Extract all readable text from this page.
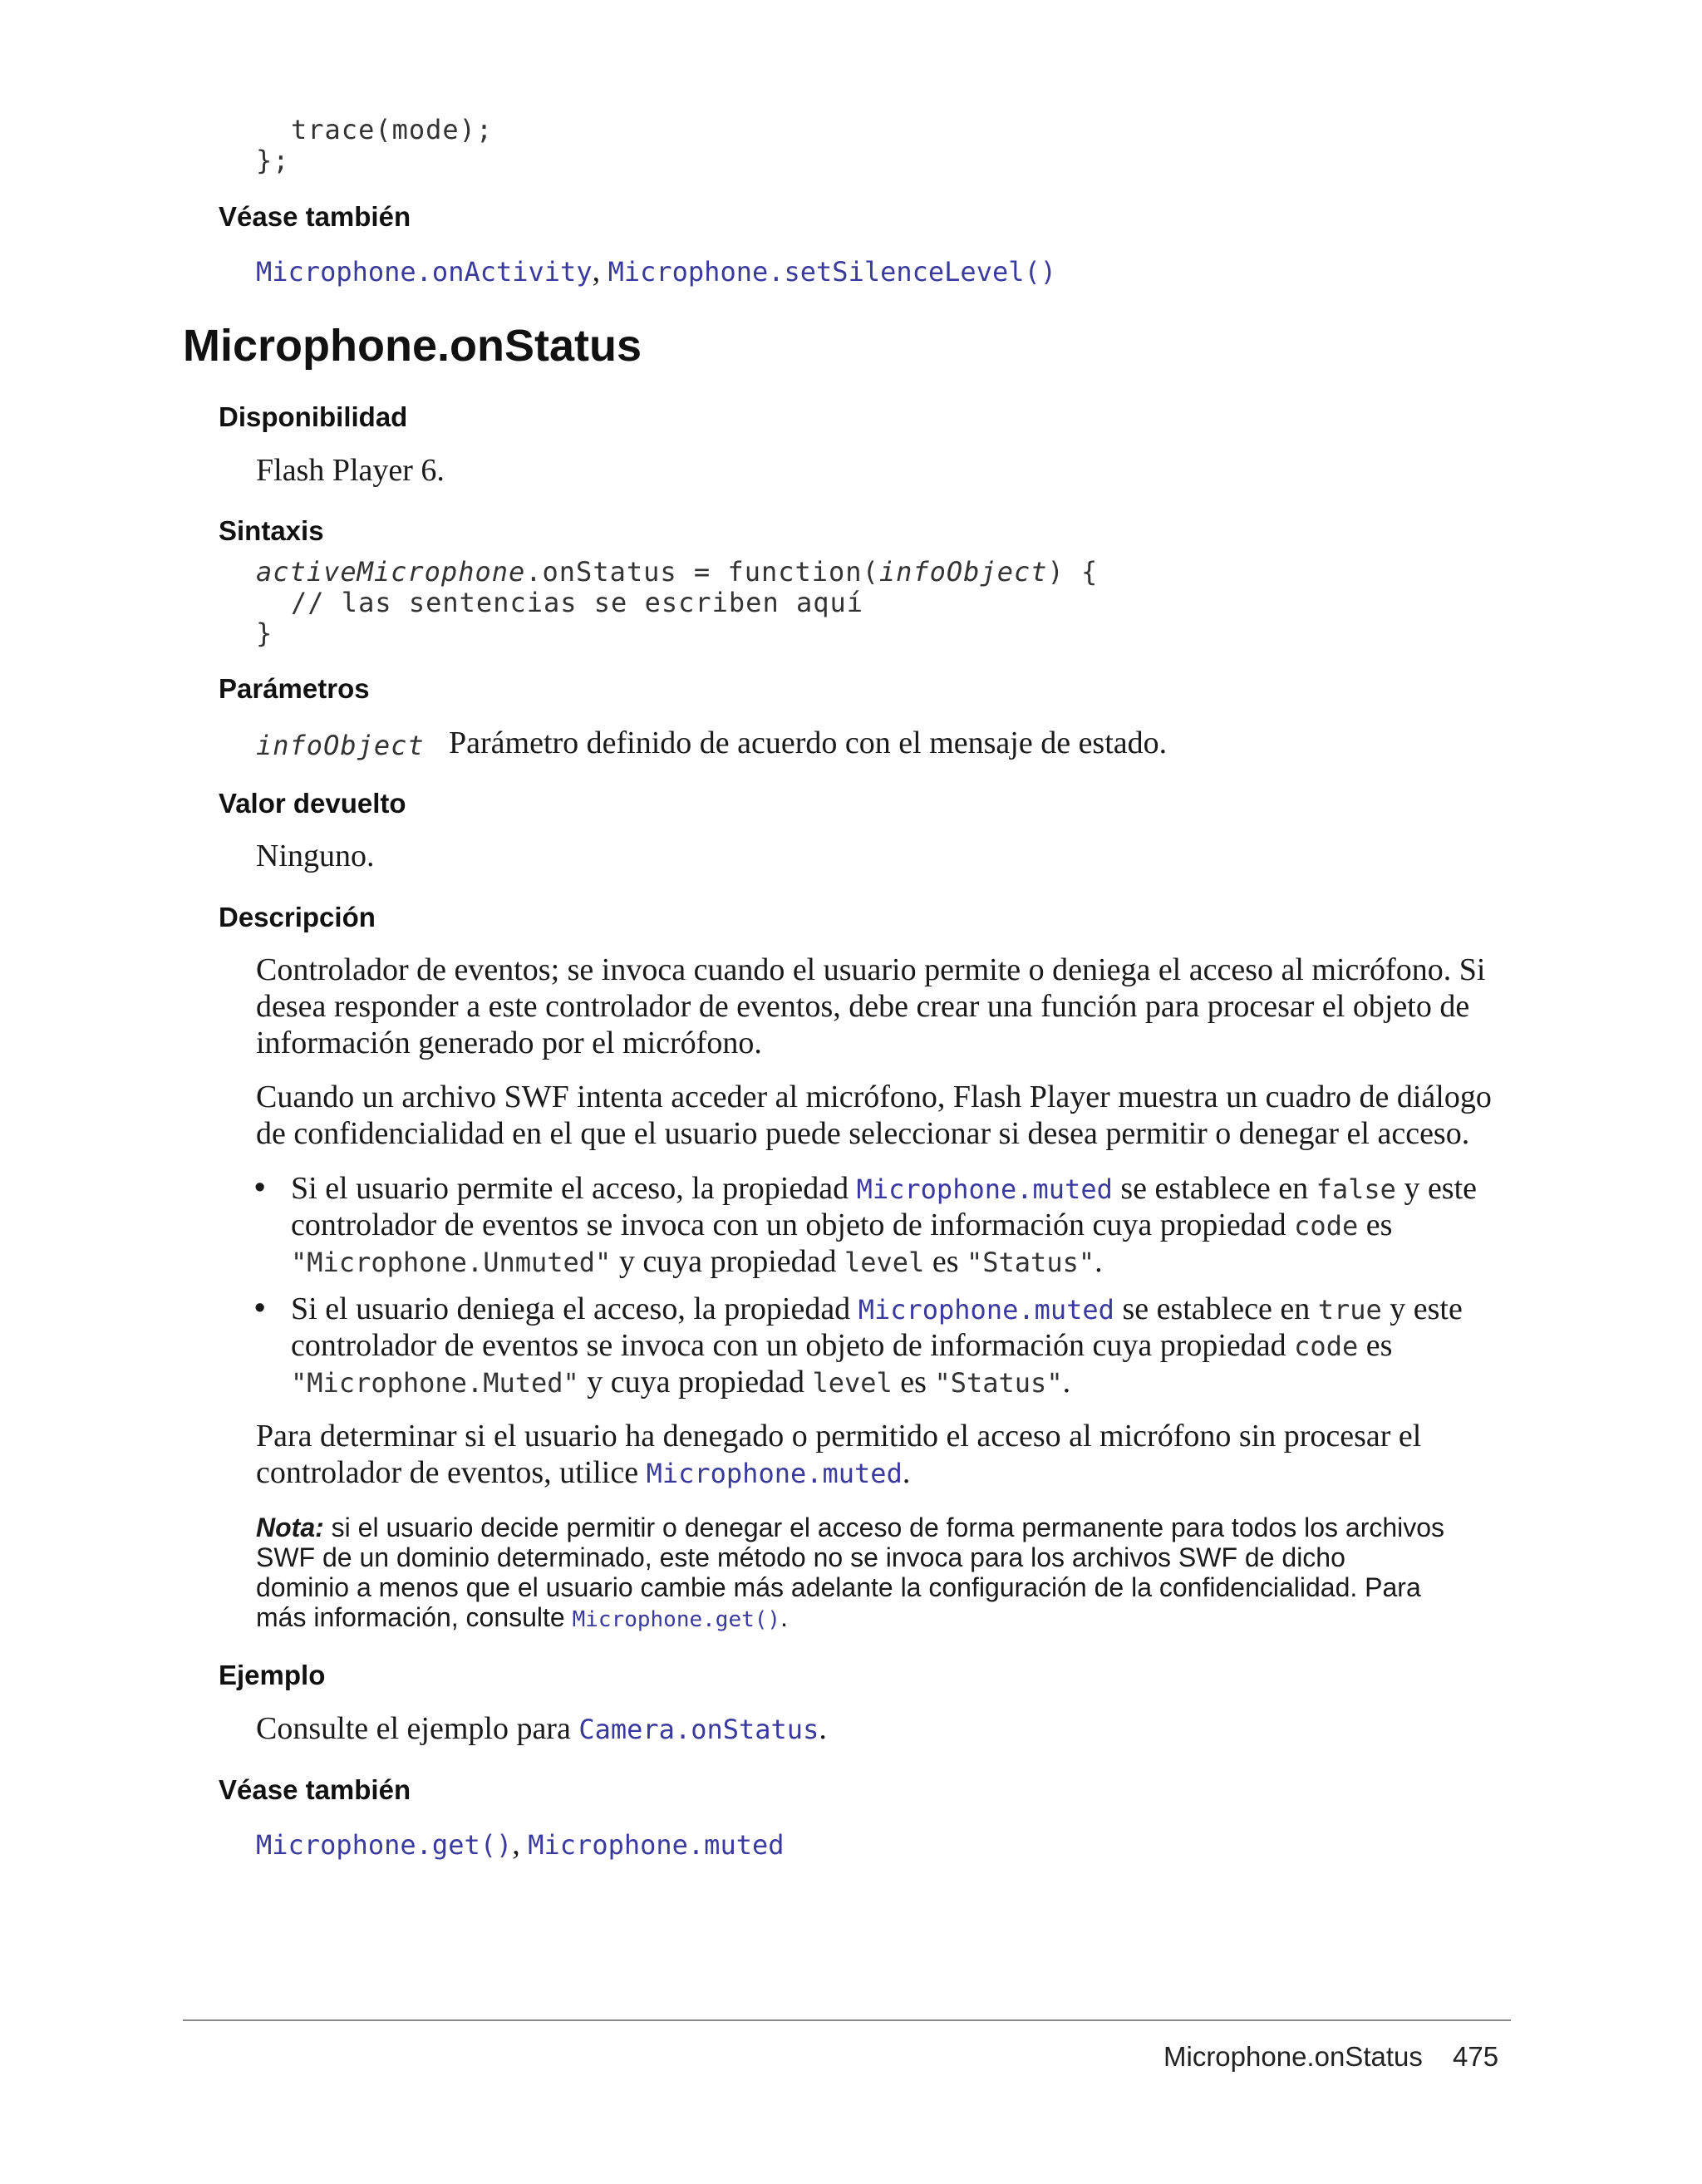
trace(mode);
};
Véase también
Microphone.onActivity, Microphone.setSilenceLevel()
Microphone.onStatus
Disponibilidad
Flash Player 6.
Sintaxis
activeMicrophone.onStatus = function(infoObject) {
// las sentencias se escriben aquí
}
Parámetros
infoObject Parámetro definido de acuerdo con el mensaje de estado.
Valor devuelto
Ninguno.
Descripción
Controlador de eventos; se invoca cuando el usuario permite o deniega el acceso al micrófono. Si
desea responder a este controlador de eventos, debe crear una función para procesar el objeto de
información generado por el micrófono.
Cuando un archivo SWF intenta acceder al micrófono, Flash Player muestra un cuadro de diálogo
de confidencialidad en el que el usuario puede seleccionar si desea permitir o denegar el acceso.
• Si el usuario permite el acceso, la propiedad Microphone.muted se establece en false y este
controlador de eventos se invoca con un objeto de información cuya propiedad code es
"Microphone.Unmuted" y cuya propiedad level es "Status".
• Si el usuario deniega el acceso, la propiedad Microphone.muted se establece en true y este
controlador de eventos se invoca con un objeto de información cuya propiedad code es
"Microphone.Muted" y cuya propiedad level es "Status".
Para determinar si el usuario ha denegado o permitido el acceso al micrófono sin procesar el
controlador de eventos, utilice Microphone.muted.
Nota: si el usuario decide permitir o denegar el acceso de forma permanente para todos los archivos
SWF de un dominio determinado, este método no se invoca para los archivos SWF de dicho
dominio a menos que el usuario cambie más adelante la configuración de la confidencialidad. Para
más información, consulte Microphone.get().
Ejemplo
Consulte el ejemplo para Camera.onStatus.
Véase también
Microphone.get(), Microphone.muted
Microphone.onStatus 475
